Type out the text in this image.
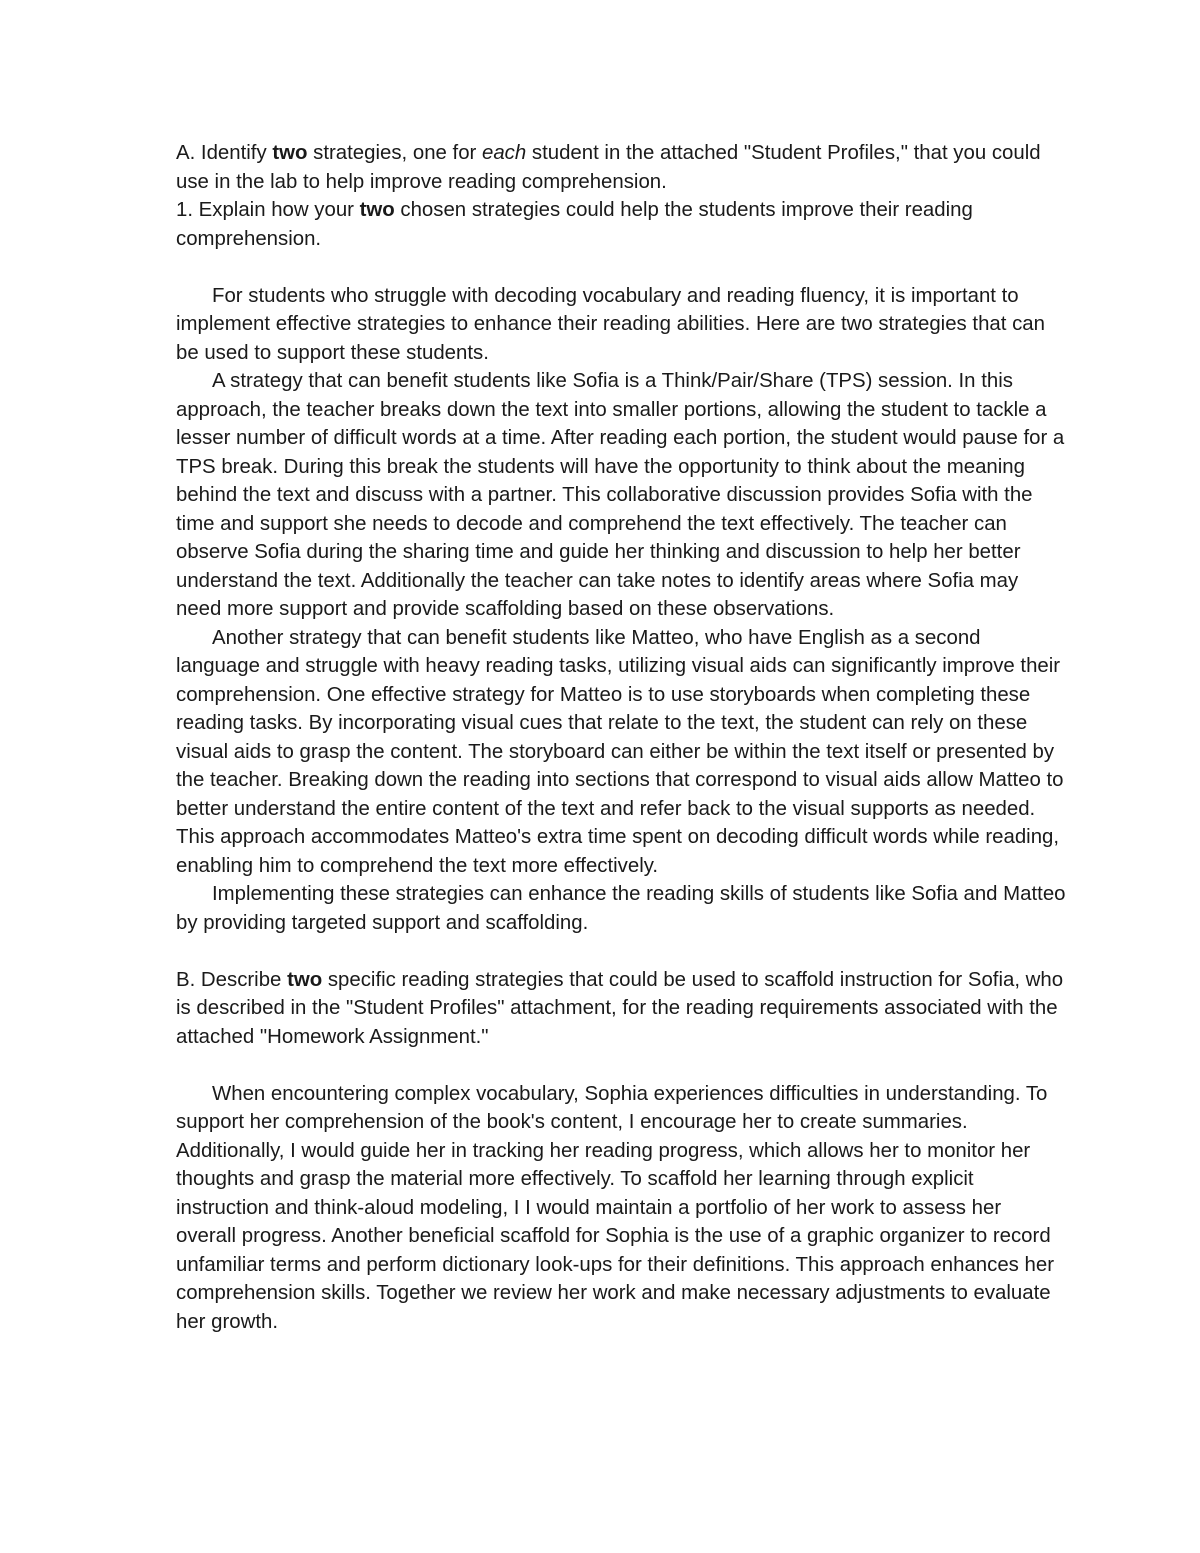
A. Identify two strategies, one for each student in the attached "Student Profiles," that you could use in the lab to help improve reading comprehension.

1. Explain how your two chosen strategies could help the students improve their reading comprehension.

For students who struggle with decoding vocabulary and reading fluency, it is important to implement effective strategies to enhance their reading abilities. Here are two strategies that can be used to support these students.

A strategy that can benefit students like Sofia is a Think/Pair/Share (TPS) session. In this approach, the teacher breaks down the text into smaller portions, allowing the student to tackle a lesser number of difficult words at a time. After reading each portion, the student would pause for a TPS break. During this break the students will have the opportunity to think about the meaning behind the text and discuss with a partner. This collaborative discussion provides Sofia with the time and support she needs to decode and comprehend the text effectively. The teacher can observe Sofia during the sharing time and guide her thinking and discussion to help her better understand the text. Additionally the teacher can take notes to identify areas where Sofia may need more support and provide scaffolding based on these observations.

Another strategy that can benefit students like Matteo, who have English as a second language and struggle with heavy reading tasks, utilizing visual aids can significantly improve their comprehension. One effective strategy for Matteo is to use storyboards when completing these reading tasks. By incorporating visual cues that relate to the text, the student can rely on these visual aids to grasp the content. The storyboard can either be within the text itself or presented by the teacher. Breaking down the reading into sections that correspond to visual aids allow Matteo to better understand the entire content of the text and refer back to the visual supports as needed. This approach accommodates Matteo's extra time spent on decoding difficult words while reading, enabling him to comprehend the text more effectively.

Implementing these strategies can enhance the reading skills of students like Sofia and Matteo by providing targeted support and scaffolding.

B. Describe two specific reading strategies that could be used to scaffold instruction for Sofia, who is described in the "Student Profiles" attachment, for the reading requirements associated with the attached "Homework Assignment."

When encountering complex vocabulary, Sophia experiences difficulties in understanding. To support her comprehension of the book's content, I encourage her to create summaries. Additionally, I would guide her in tracking her reading progress, which allows her to monitor her thoughts and grasp the material more effectively. To scaffold her learning through explicit instruction and think-aloud modeling, I I would maintain a portfolio of her work to assess her overall progress. Another beneficial scaffold for Sophia is the use of a graphic organizer to record unfamiliar terms and perform dictionary look-ups for their definitions. This approach enhances her comprehension skills. Together we review her work and make necessary adjustments to evaluate her growth.
